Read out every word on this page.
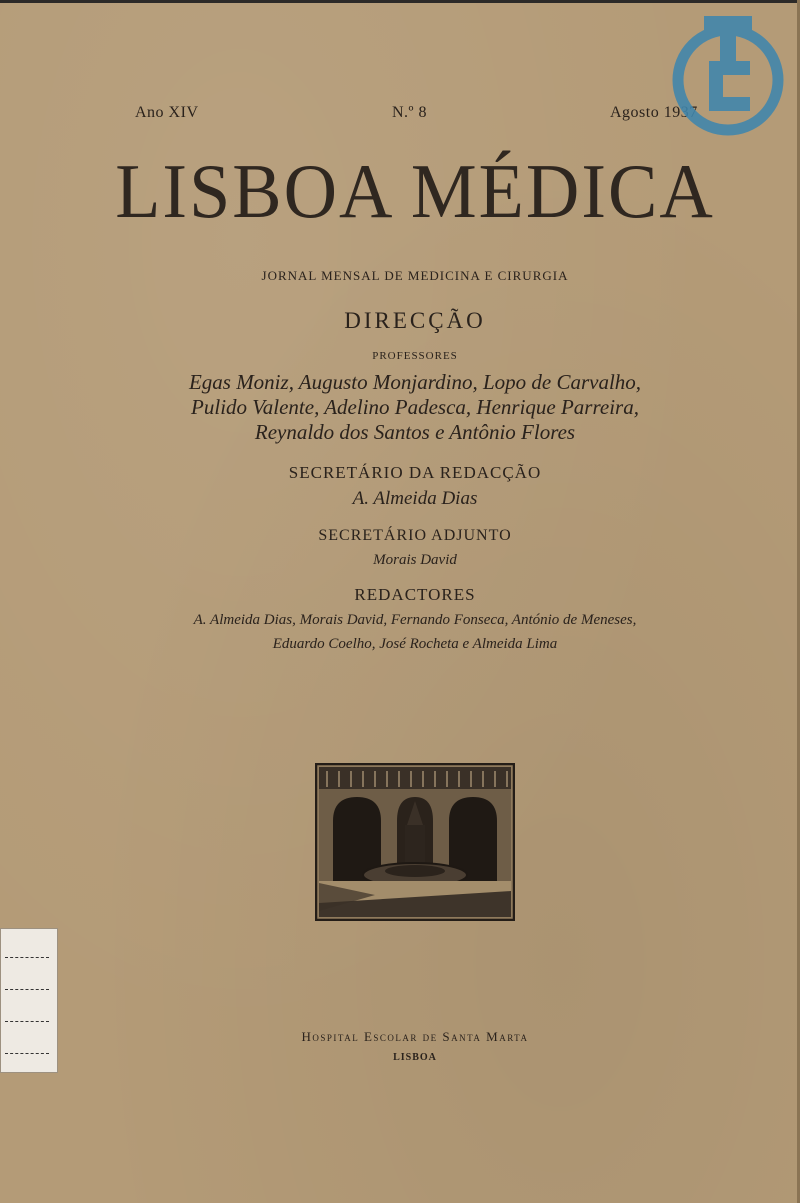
Ano XIV	N.º 8	Agosto 1937
LISBOA MÉDICA
JORNAL MENSAL DE MEDICINA E CIRURGIA
DIRECÇÃO
PROFESSORES
Egas Moniz, Augusto Monjardino, Lopo de Carvalho,
Pulido Valente, Adelino Padesca, Henrique Parreira,
Reynaldo dos Santos e Antônio Flores
SECRETÁRIO DA REDACÇÃO
A. Almeida Dias
SECRETÁRIO ADJUNTO
Morais David
REDACTORES
A. Almeida Dias, Morais David, Fernando Fonseca, António de Meneses,
Eduardo Coelho, José Rocheta e Almeida Lima
Hospital Escolar de Santa Marta
LISBOA
